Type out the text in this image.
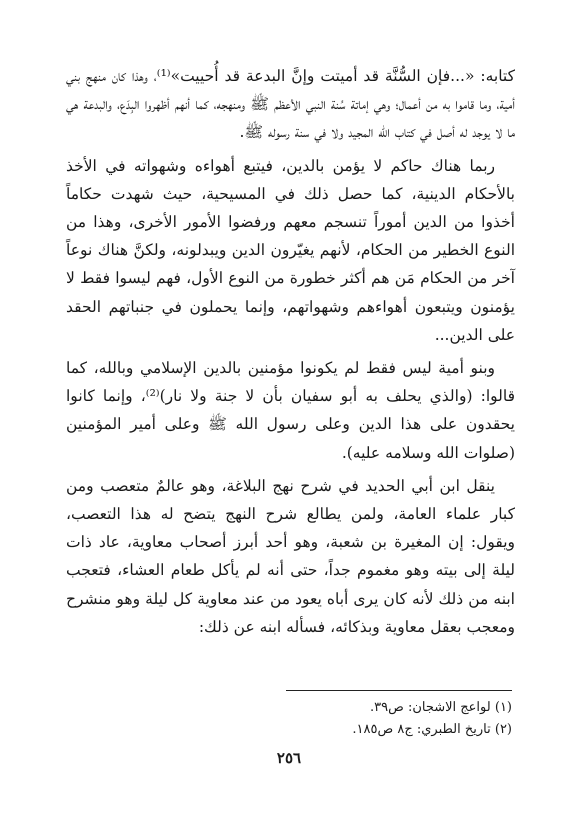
كتابه: «...فإن السُّنَّة قد أميتت وإنَّ البدعة قد أُحييت»⁽¹⁾، وهذا كان منهج بني أمية، وما قاموا به من أعمال؛ وهي إماتة سُنة النبي الأعظم ﷺ ومنهجه، كما أنهم أظهروا البِدَع، والبدعة هي ما لا يوجد له أصل في كتاب الله المجيد ولا في سنة رسوله ﷺ.

ربما هناك حاكم لا يؤمن بالدين، فيتبع أهواءه وشهواته في الأخذ بالأحكام الدينية، كما حصل ذلك في المسيحية، حيث شهدت حكاماً أخذوا من الدين أموراً تنسجم معهم ورفضوا الأمور الأخرى، وهذا من النوع الخطير من الحكام، لأنهم يغيّرون الدين ويبدلونه، ولكنَّ هناك نوعاً آخر من الحكام مَن هم أكثر خطورة من النوع الأول، فهم ليسوا فقط لا يؤمنون ويتبعون أهواءهم وشهواتهم، وإنما يحملون في جنباتهم الحقد على الدين...

وبنو أمية ليس فقط لم يكونوا مؤمنين بالدين الإسلامي وبالله، كما قالوا: (والذي يحلف به أبو سفيان بأن لا جنة ولا نار)⁽²⁾، وإنما كانوا يحقدون على هذا الدين وعلى رسول الله ﷺ وعلى أمير المؤمنين (صلوات الله وسلامه عليه).

ينقل ابن أبي الحديد في شرح نهج البلاغة، وهو عالمٌ متعصب ومن كبار علماء العامة، ولمن يطالع شرح النهج يتضح له هذا التعصب، ويقول: إن المغيرة بن شعبة، وهو أحد أبرز أصحاب معاوية، عاد ذات ليلة إلى بيته وهو مغموم جداً، حتى أنه لم يأكل طعام العشاء، فتعجب ابنه من ذلك لأنه كان يرى أباه يعود من عند معاوية كل ليلة وهو منشرح ومعجب بعقل معاوية وبذكائه، فسأله ابنه عن ذلك:

(١) لواعج الاشجان: ص٣٩.
(٢) تاريخ الطبري: ج٨ ص١٨٥.
٢٥٦
